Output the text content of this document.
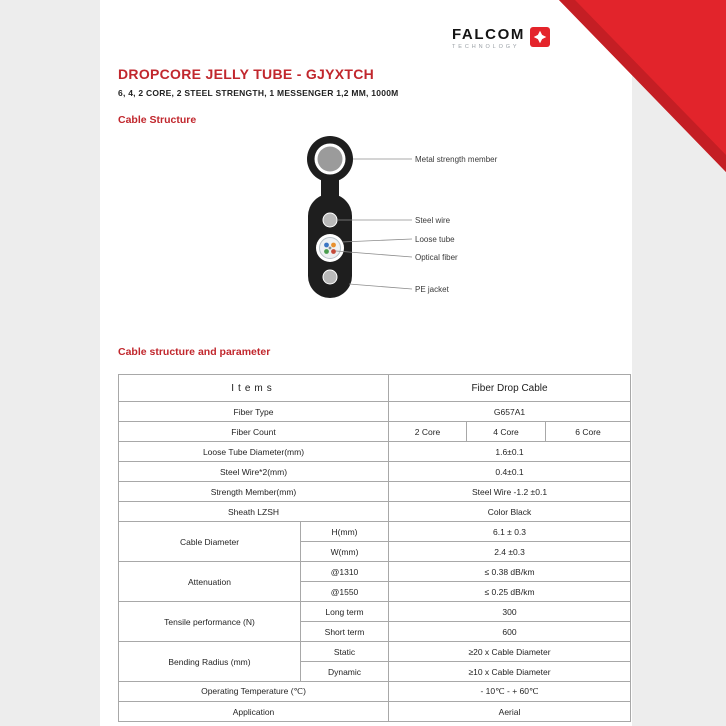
FALCOM
TECHNOLOGY
DROPCORE JELLY TUBE - GJYXTCH
6, 4, 2 CORE, 2 STEEL STRENGTH, 1 MESSENGER 1,2 MM, 1000M
Cable Structure
Cable structure and parameter
Metal strength member
Steel wire
Loose tube
Optical fiber
PE jacket
Items		Fiber Drop Cable		
Fiber Type		G657A1		
Fiber Count		2 Core	4 Core	6 Core
Loose Tube Diameter(mm)		1.6±0.1		
Steel Wire*2(mm)		0.4±0.1		
Strength Member(mm)		Steel Wire -1.2 ±0.1		
Sheath LZSH		Color Black		
Cable Diameter	H(mm)	6.1 ± 0.3		
	W(mm)	2.4 ±0.3		
Attenuation	@1310	≤ 0.38 dB/km		
	@1550	≤ 0.25 dB/km		
Tensile performance (N)	Long term	300		
	Short term	600		
Bending Radius (mm)	Static	≥20 x Cable Diameter		
	Dynamic	≥10 x Cable Diameter		
Operating Temperature (℃)		- 10℃ - + 60℃		
Application		Aerial		
